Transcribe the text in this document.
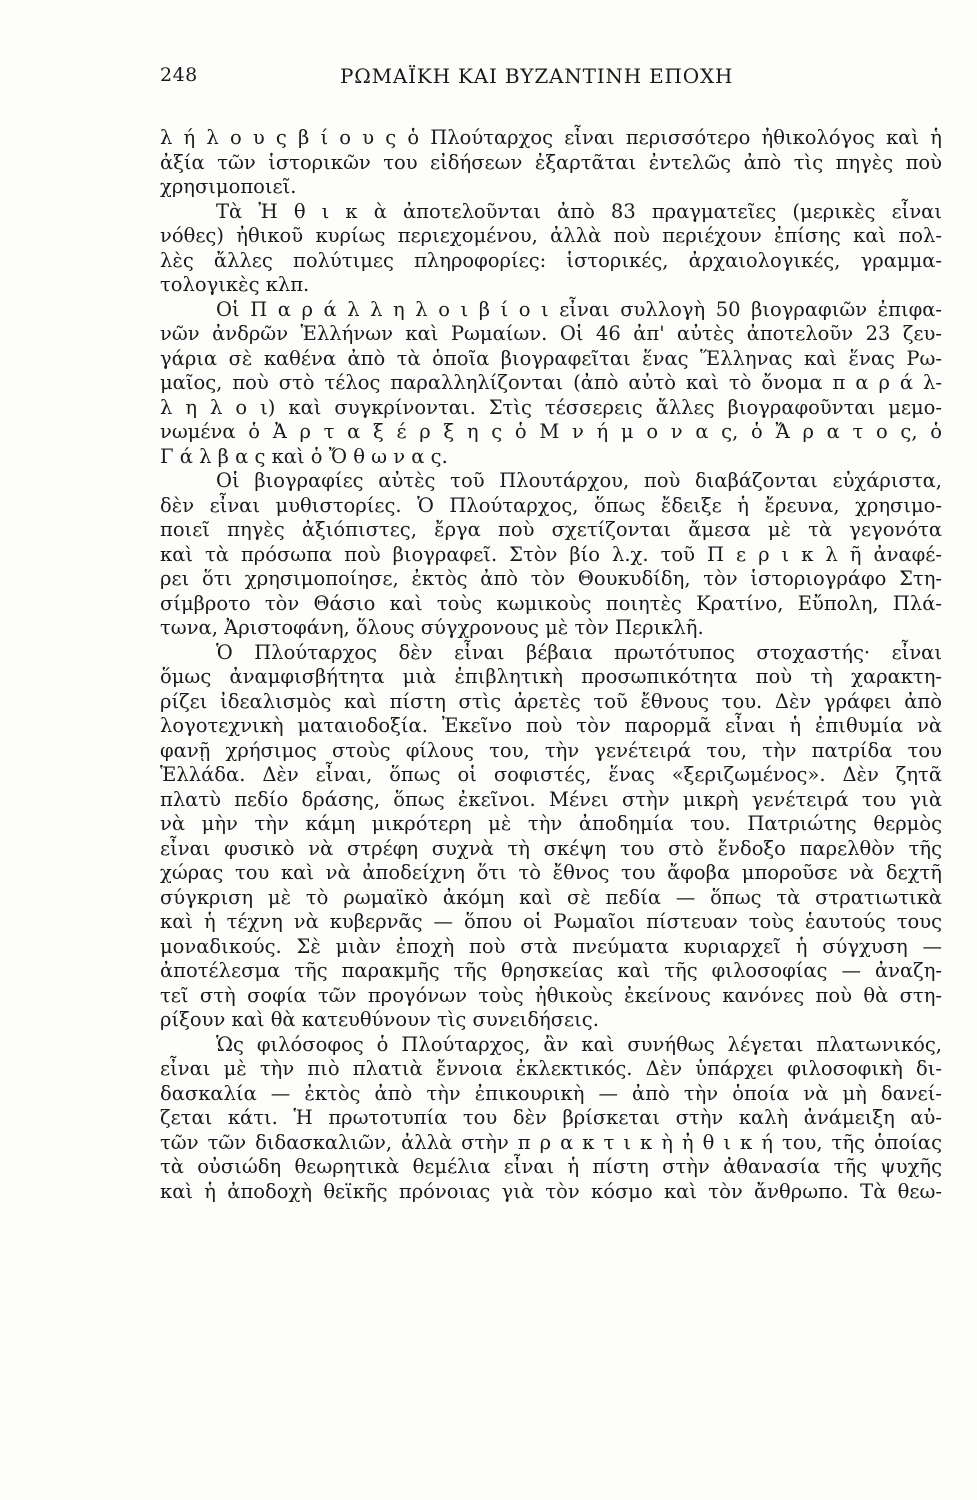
248	ΡΩΜΑΪΚΗ ΚΑΙ ΒΥΖΑΝΤΙΝΗ ΕΠΟΧΗ
λ ή λ ο υ ς β ί ο υ ς ὁ Πλούταρχος εἶναι περισσότερο ἠθικολόγος καὶ ἡ
ἀξία τῶν ἱστορικῶν του εἰδήσεων ἐξαρτᾶται ἐντελῶς ἀπὸ τὶς πηγὲς ποὺ
χρησιμοποιεῖ.
Τὰ Ἠ θ ι κ ὰ ἀποτελοῦνται ἀπὸ 83 πραγματεῖες (μερικὲς εἶναι
νόθες) ἠθικοῦ κυρίως περιεχομένου, ἀλλὰ ποὺ περιέχουν ἐπίσης καὶ πολ-
λὲς ἄλλες πολύτιμες πληροφορίες: ἱστορικές, ἀρχαιολογικές, γραμμα-
τολογικὲς κλπ.
Οἱ Π α ρ ά λ λ η λ ο ι β ί ο ι εἶναι συλλογὴ 50 βιογραφιῶν ἐπιφα-
νῶν ἀνδρῶν Ἑλλήνων καὶ Ρωμαίων. Οἱ 46 ἀπ' αὐτὲς ἀποτελοῦν 23 ζευ-
γάρια σὲ καθένα ἀπὸ τὰ ὁποῖα βιογραφεῖται ἕνας Ἕλληνας καὶ ἕνας Ρω-
μαῖος, ποὺ στὸ τέλος παραλληλίζονται (ἀπὸ αὐτὸ καὶ τὸ ὄνομα π α ρ ά λ-
λ η λ ο ι) καὶ συγκρίνονται. Στὶς τέσσερεις ἄλλες βιογραφοῦνται μεμο-
νωμένα ὁ Ἀ ρ τ α ξ έ ρ ξ η ς ὁ Μ ν ή μ ο ν α ς, ὁ Ἄ ρ α τ ο ς, ὁ
Γ ά λ β α ς καὶ ὁ Ὄ θ ω ν α ς.
Οἱ βιογραφίες αὐτὲς τοῦ Πλουτάρχου, ποὺ διαβάζονται εὐχάριστα,
δὲν εἶναι μυθιστορίες. Ὁ Πλούταρχος, ὅπως ἔδειξε ἡ ἔρευνα, χρησιμο-
ποιεῖ πηγὲς ἀξιόπιστες, ἔργα ποὺ σχετίζονται ἄμεσα μὲ τὰ γεγονότα
καὶ τὰ πρόσωπα ποὺ βιογραφεῖ. Στὸν βίο λ.χ. τοῦ Π ε ρ ι κ λ ῆ ἀναφέ-
ρει ὅτι χρησιμοποίησε, ἐκτὸς ἀπὸ τὸν Θουκυδίδη, τὸν ἱστοριογράφο Στη-
σίμβροτο τὸν Θάσιο καὶ τοὺς κωμικοὺς ποιητὲς Κρατίνο, Εὔπολη, Πλά-
τωνα, Ἀριστοφάνη, ὅλους σύγχρονους μὲ τὸν Περικλῆ.
Ὁ Πλούταρχος δὲν εἶναι βέβαια πρωτότυπος στοχαστής· εἶναι
ὅμως ἀναμφισβήτητα μιὰ ἐπιβλητικὴ προσωπικότητα ποὺ τὴ χαρακτη-
ρίζει ἰδεαλισμὸς καὶ πίστη στὶς ἀρετὲς τοῦ ἔθνους του. Δὲν γράφει ἀπὸ
λογοτεχνικὴ ματαιοδοξία. Ἐκεῖνο ποὺ τὸν παρορμᾶ εἶναι ἡ ἐπιθυμία νὰ
φανῇ χρήσιμος στοὺς φίλους του, τὴν γενέτειρά του, τὴν πατρίδα του
Ἑλλάδα. Δὲν εἶναι, ὅπως οἱ σοφιστές, ἕνας «ξεριζωμένος». Δὲν ζητᾶ
πλατὺ πεδίο δράσης, ὅπως ἐκεῖνοι. Μένει στὴν μικρὴ γενέτειρά του γιὰ
νὰ μὴν τὴν κάμη μικρότερη μὲ τὴν ἀποδημία του. Πατριώτης θερμὸς
εἶναι φυσικὸ νὰ στρέφη συχνὰ τὴ σκέψη του στὸ ἔνδοξο παρελθὸν τῆς
χώρας του καὶ νὰ ἀποδείχνη ὅτι τὸ ἔθνος του ἄφοβα μποροῦσε νὰ δεχτῆ
σύγκριση μὲ τὸ ρωμαϊκὸ ἀκόμη καὶ σὲ πεδία — ὅπως τὰ στρατιωτικὰ
καὶ ἡ τέχνη νὰ κυβερνᾶς — ὅπου οἱ Ρωμαῖοι πίστευαν τοὺς ἑαυτούς τους
μοναδικούς. Σὲ μιὰν ἐποχὴ ποὺ στὰ πνεύματα κυριαρχεῖ ἡ σύγχυση —
ἀποτέλεσμα τῆς παρακμῆς τῆς θρησκείας καὶ τῆς φιλοσοφίας — ἀναζη-
τεῖ στὴ σοφία τῶν προγόνων τοὺς ἠθικοὺς ἐκείνους κανόνες ποὺ θὰ στη-
ρίξουν καὶ θὰ κατευθύνουν τὶς συνειδήσεις.
Ὡς φιλόσοφος ὁ Πλούταρχος, ἂν καὶ συνήθως λέγεται πλατωνικός,
εἶναι μὲ τὴν πιὸ πλατιὰ ἔννοια ἐκλεκτικός. Δὲν ὑπάρχει φιλοσοφικὴ δι-
δασκαλία — ἐκτὸς ἀπὸ τὴν ἐπικουρικὴ — ἀπὸ τὴν ὁποία νὰ μὴ δανεί-
ζεται κάτι. Ἡ πρωτοτυπία του δὲν βρίσκεται στὴν καλὴ ἀνάμειξη αὐ-
τῶν τῶν διδασκαλιῶν, ἀλλὰ στὴν π ρ α κ τ ι κ ὴ ἠ θ ι κ ή του, τῆς ὁποίας
τὰ οὐσιώδη θεωρητικὰ θεμέλια εἶναι ἡ πίστη στὴν ἀθανασία τῆς ψυχῆς
καὶ ἡ ἀποδοχὴ θεϊκῆς πρόνοιας γιὰ τὸν κόσμο καὶ τὸν ἄνθρωπο. Τὰ θεω-
